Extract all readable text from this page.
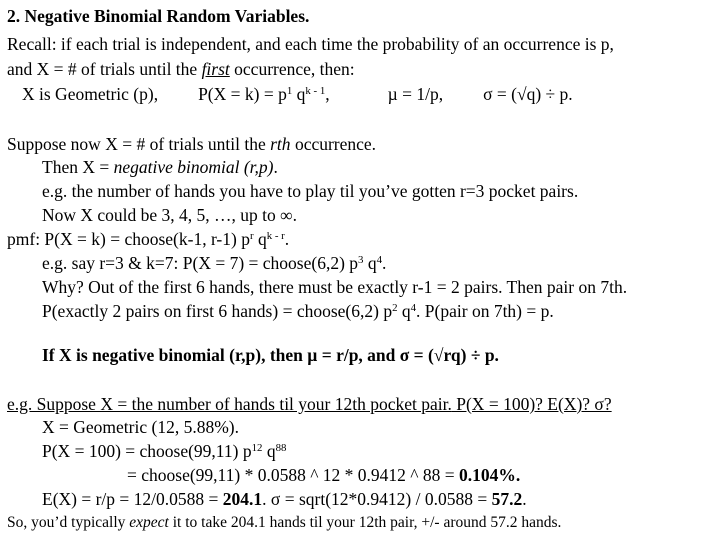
2. Negative Binomial Random Variables.
Recall: if each trial is independent, and each time the probability of an occurrence is p,
and X = # of trials until the first occurrence, then:
X is Geometric (p), $P(X = k) = p^1$ $q^{k - 1}$,	µ = 1/p, σ = (√q) ÷ p.
Suppose now X = # of trials until the rth occurrence.
Then X = negative binomial (r,p).
e.g. the number of hands you have to play til you’ve gotten r=3 pocket pairs.
Now X could be 3, 4, 5, …, up to ∞.
pmf: P(X = k) = choose(k-1, r-1) $p^r$ $q^{k - r}$.
e.g. say r=3 & k=7: P(X = 7) = choose(6,2) $p^3$ $q^4$.
Why? Out of the first 6 hands, there must be exactly r-1 = 2 pairs. Then pair on 7th.
P(exactly 2 pairs on first 6 hands) = choose(6,2) $p^2$ $q^4$. P(pair on 7th) = p.
If X is negative binomial (r,p), then µ = r/p, and σ = (√rq) ÷ p.
e.g. Suppose X = the number of hands til your 12th pocket pair. P(X = 100)? E(X)? σ?
X = Geometric (12, 5.88%).
P(X = 100) = choose(99,11) $p^{12}$ $q^{88}$
= choose(99,11) * 0.0588 ^ 12 * 0.9412 ^ 88 = 0.104%.
E(X) = r/p = 12/0.0588 = 204.1. σ = sqrt(12*0.9412) / 0.0588 = 57.2.
So, you’d typically expect it to take 204.1 hands til your 12th pair, +/- around 57.2 hands.
